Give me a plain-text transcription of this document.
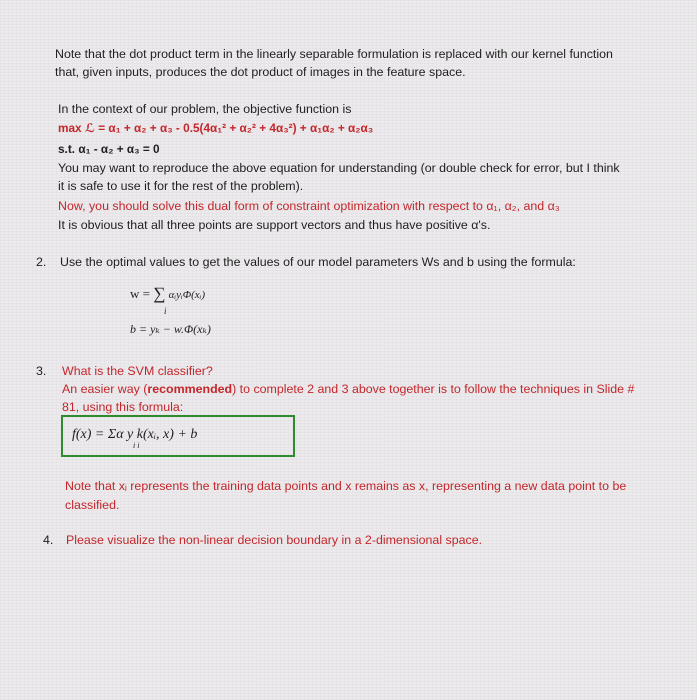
Note that the dot product term in the linearly separable formulation is replaced with our kernel function
that, given inputs, produces the dot product of images in the feature space.
In the context of our problem, the objective function is
max ℒ = α₁ + α₂ + α₃ - 0.5(4α₁² + α₂² + 4α₃²) + α₁α₂ + α₂α₃
s.t. α₁ - α₂ + α₃ = 0
You may want to reproduce the above equation for understanding (or double check for error, but I think
it is safe to use it for the rest of the problem).
Now, you should solve this dual form of constraint optimization with respect to α₁, α₂, and α₃
It is obvious that all three points are support vectors and thus have positive α's.
2. Use the optimal values to get the values of our model parameters Ws and b using the formula:
w = ∑ αᵢyᵢΦ(xᵢ)
i
b = yₖ − w.Φ(xₖ)
3. What is the SVM classifier?
An easier way (recommended) to complete 2 and 3 above together is to follow the techniques in Slide #
81, using this formula:
f(x) = Σα y k(xᵢ, x) + b
i i
Note that xᵢ represents the training data points and x remains as x, representing a new data point to be
classified.
4. Please visualize the non-linear decision boundary in a 2-dimensional space.
